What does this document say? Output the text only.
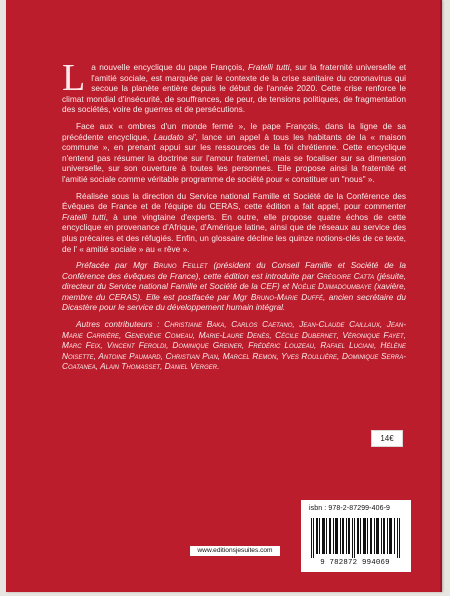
La nouvelle encyclique du pape François, Fratelli tutti, sur la fraternité universelle et l'amitié sociale, est marquée par le contexte de la crise sanitaire du coronavirus qui secoue la planète entière depuis le début de l'année 2020. Cette crise renforce le climat mondial d'insécurité, de souffrances, de peur, de tensions politiques, de fragmentation des sociétés, voire de guerres et de persécutions.

Face aux « ombres d'un monde fermé », le pape François, dans la ligne de sa précédente encyclique, Laudato si', lance un appel à tous les habitants de la « maison commune », en prenant appui sur les ressources de la foi chrétienne. Cette encyclique n'entend pas résumer la doctrine sur l'amour fraternel, mais se focaliser sur sa dimension universelle, sur son ouverture à toutes les personnes. Elle propose ainsi la fraternité et l'amitié sociale comme véritable programme de société pour « constituer un "nous" ».

Réalisée sous la direction du Service national Famille et Société de la Conférence des Évêques de France et de l'équipe du CERAS, cette édition a fait appel, pour commenter Fratelli tutti, à une vingtaine d'experts. En outre, elle propose quatre échos de cette encyclique en provenance d'Afrique, d'Amérique latine, ainsi que de réseaux au service des plus précaires et des réfugiés. Enfin, un glossaire décline les quinze notions-clés de ce texte, de l' « amitié sociale » au « rêve ».

Préfacée par Mgr Bruno Feillet (président du Conseil Famille et Société de la Conférence des évêques de France), cette édition est introduite par Grégoire Catta (jésuite, directeur du Service national Famille et Société de la CEF) et Noélie Djimadoumbaye (xavière, membre du CERAS). Elle est postfacée par Mgr Bruno-Marie Duffé, ancien secrétaire du Dicastère pour le service du développement humain intégral.

Autres contributeurs : Christiane Baka, Carlos Caetano, Jean-Claude Caillaux, Jean-Marie Carrière, Geneviève Comeau, Marie-Laure Denès, Cécile Dubernet, Véronique Fayet, Marc Feix, Vincent Feroldi, Dominique Greiner, Frédéric Louzeau, Rafael Luciani, Hélène Noisette, Antoine Paumard, Christian Pian, Marcel Remon, Yves Roullière, Dominique Serra-Coatanea, Alain Thomasset, Daniel Verger.

14€
isbn : 978-2-87299-406-9
9 782872 994069
www.editionsjesuites.com
